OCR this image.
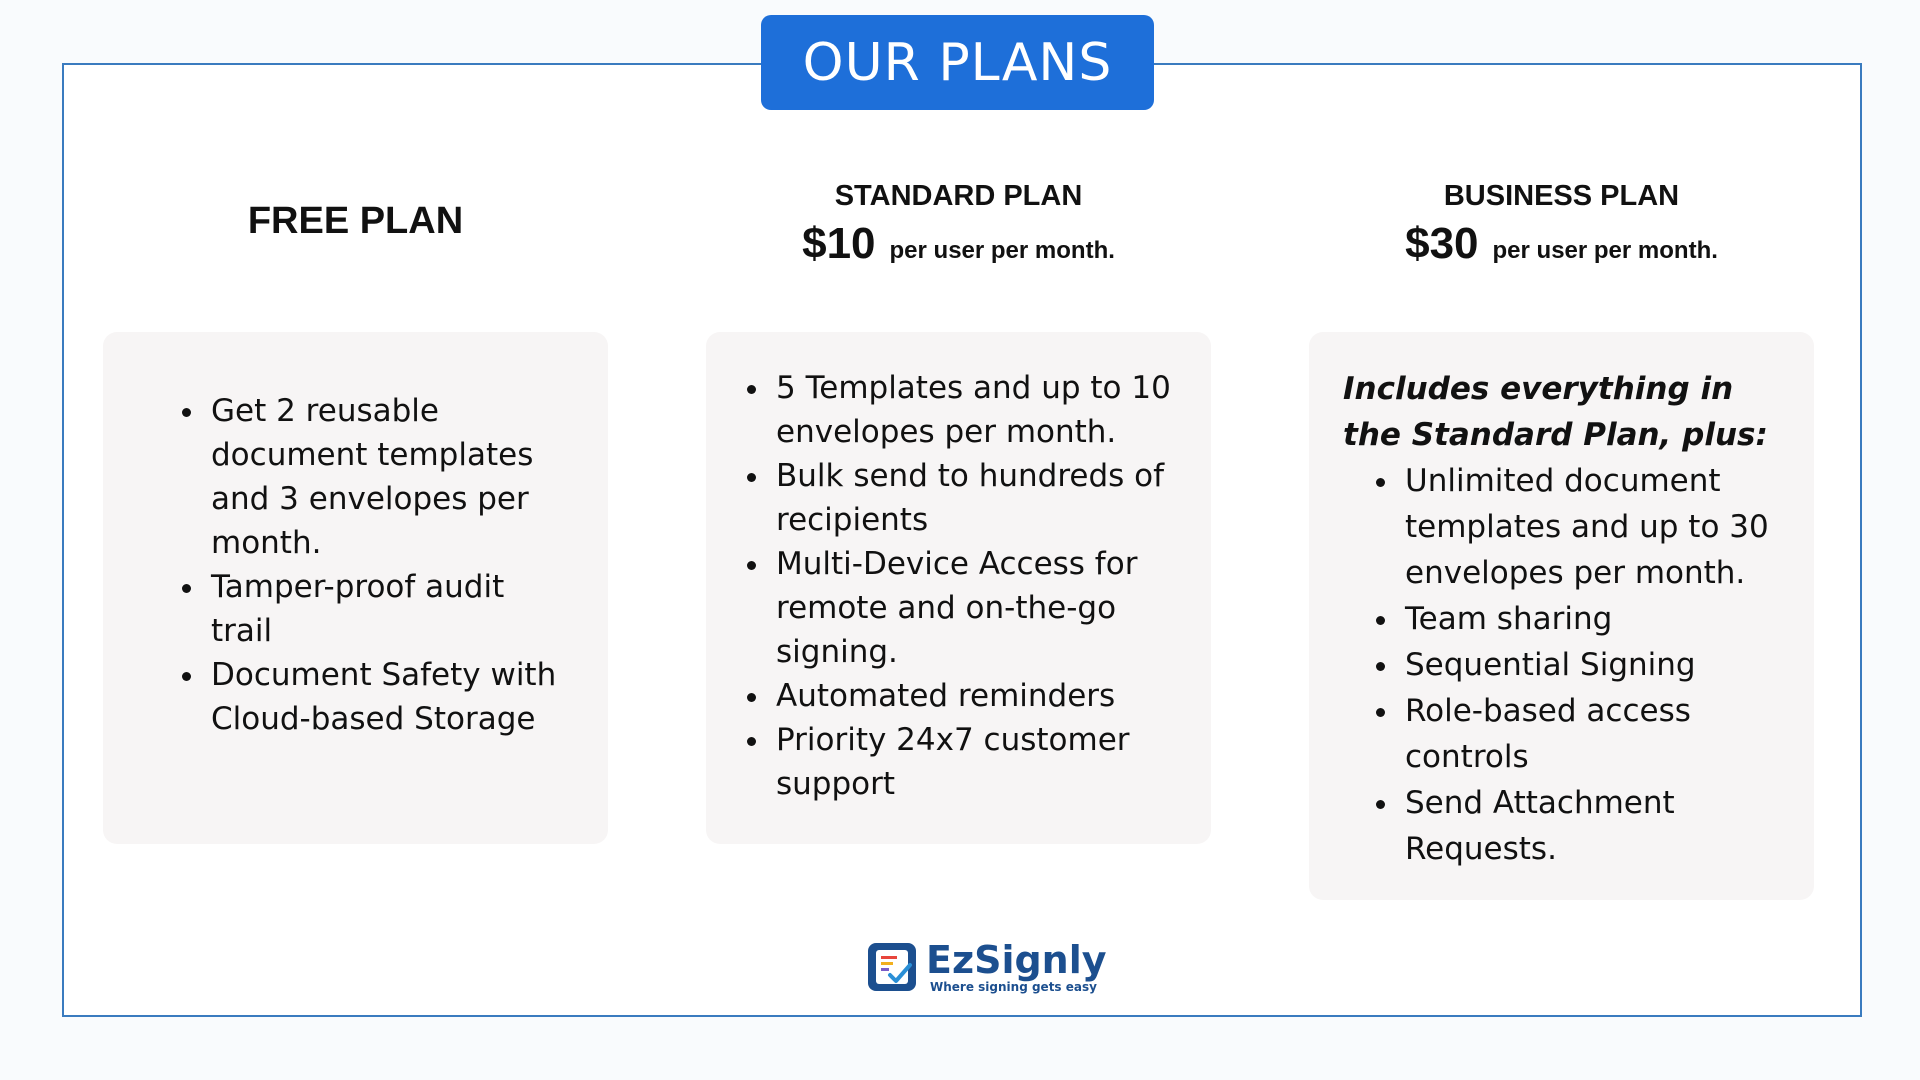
OUR PLANS
FREE PLAN
STANDARD PLAN
$10 per user per month.
BUSINESS PLAN
$30 per user per month.
• Get 2 reusable document templates and 3 envelopes per month.
• Tamper-proof audit trail
• Document Safety with Cloud-based Storage
• 5 Templates and up to 10 envelopes per month.
• Bulk send to hundreds of recipients
• Multi-Device Access for remote and on-the-go signing.
• Automated reminders
• Priority 24x7 customer support
Includes everything in the Standard Plan, plus:
• Unlimited document templates and up to 30 envelopes per month.
• Team sharing
• Sequential Signing
• Role-based access controls
• Send Attachment Requests.
EzSignly
Where signing gets easy
